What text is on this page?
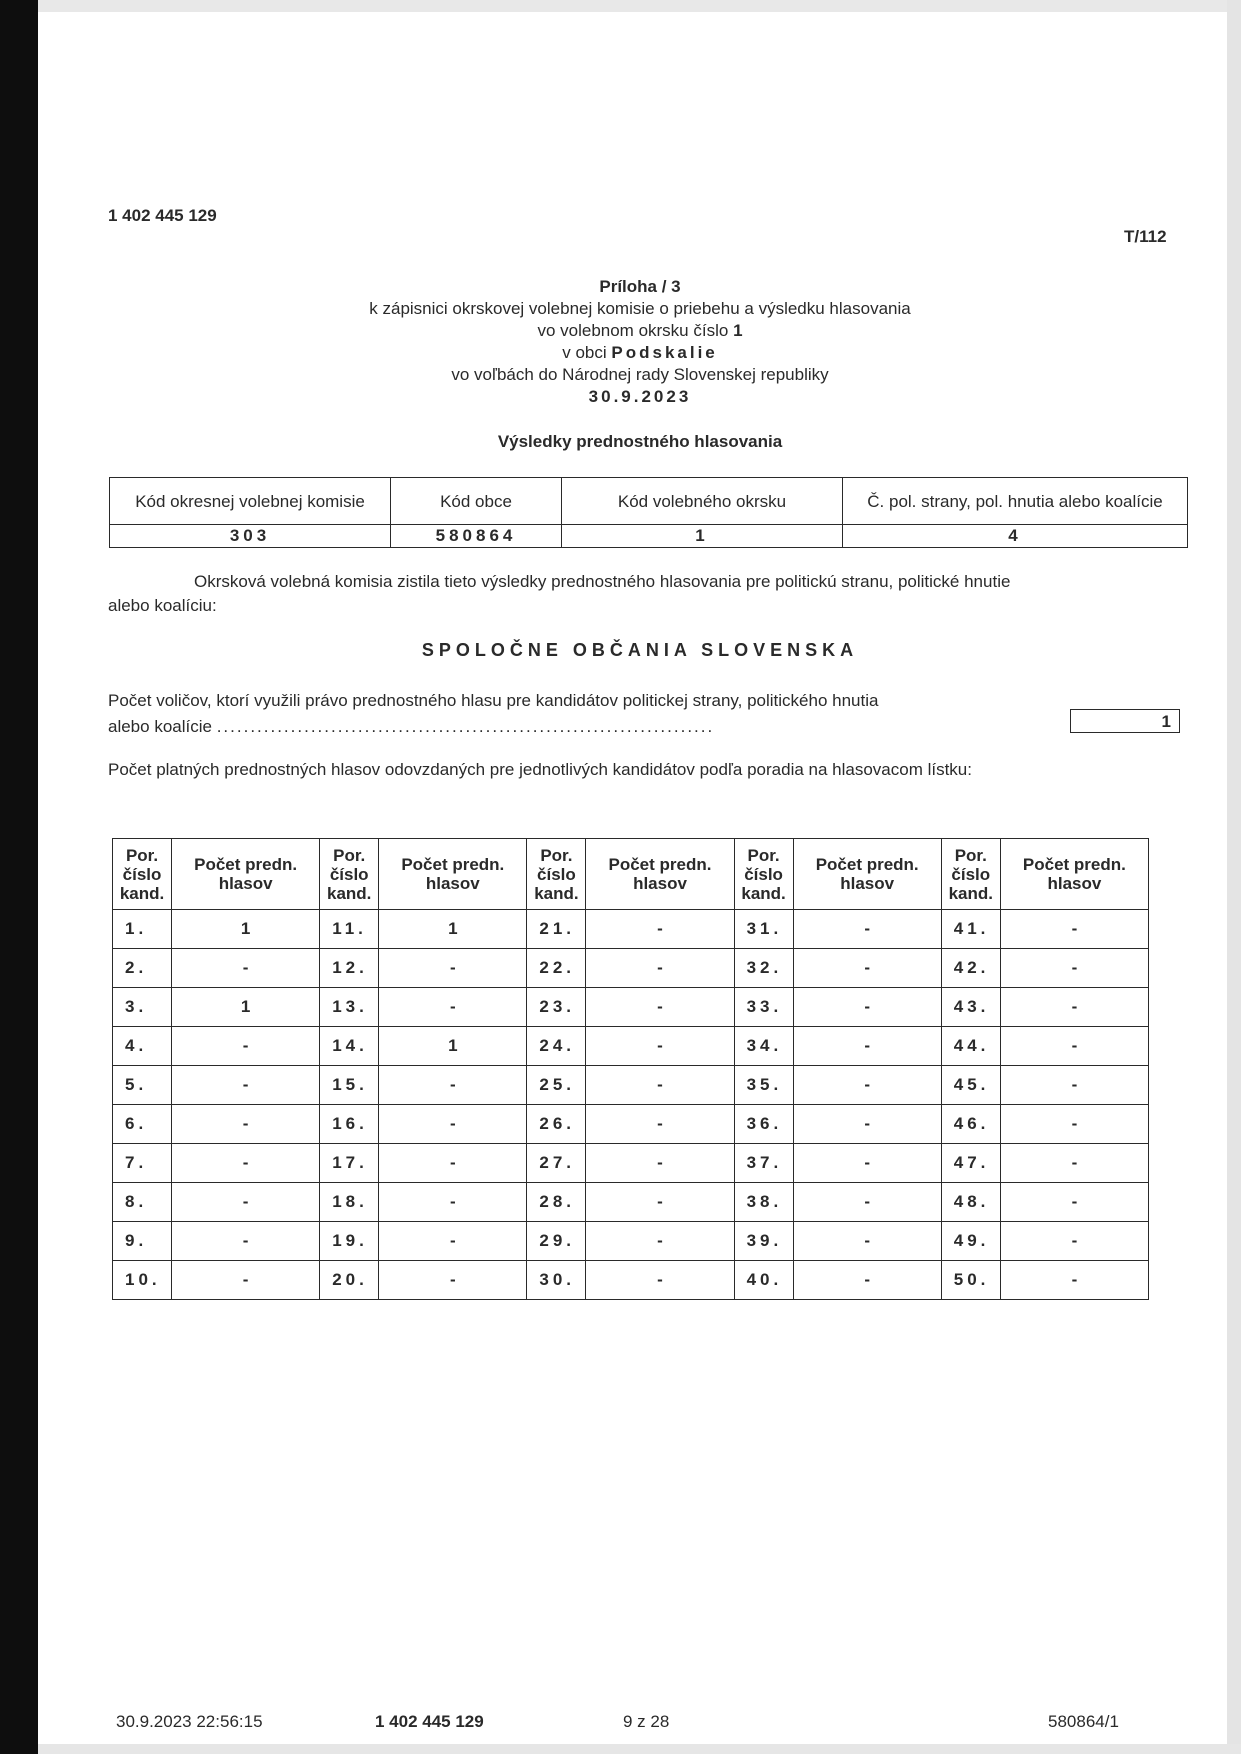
1 402 445 129
T/112
Príloha / 3
k zápisnici okrskovej volebnej komisie o priebehu a výsledku hlasovania
vo volebnom okrsku číslo 1
v obci Podskalie
vo voľbách do Národnej rady Slovenskej republiky
30.9.2023
Výsledky prednostného hlasovania
Kód okresnej volebnej komisie	Kód obce	Kód volebného okrsku	Č. pol. strany, pol. hnutia alebo koalície
303	580864	1	4
Okrsková volebná komisia zistila tieto výsledky prednostného hlasovania pre politickú stranu, politické hnutie
alebo koalíciu:
SPOLOČNE OBČANIA SLOVENSKA
Počet voličov, ktorí využili právo prednostného hlasu pre kandidátov politickej strany, politického hnutia
alebo koalície ..........................................................................	1
Počet platných prednostných hlasov odovzdaných pre jednotlivých kandidátov podľa poradia na hlasovacom lístku:
Por. číslo kand.	Počet predn. hlasov	Por. číslo kand.	Počet predn. hlasov	Por. číslo kand.	Počet predn. hlasov	Por. číslo kand.	Počet predn. hlasov	Por. číslo kand.	Počet predn. hlasov
1.	1	11.	1	21.	-	31.	-	41.	-
2.	-	12.	-	22.	-	32.	-	42.	-
3.	1	13.	-	23.	-	33.	-	43.	-
4.	-	14.	1	24.	-	34.	-	44.	-
5.	-	15.	-	25.	-	35.	-	45.	-
6.	-	16.	-	26.	-	36.	-	46.	-
7.	-	17.	-	27.	-	37.	-	47.	-
8.	-	18.	-	28.	-	38.	-	48.	-
9.	-	19.	-	29.	-	39.	-	49.	-
10.	-	20.	-	30.	-	40.	-	50.	-
30.9.2023 22:56:15	1 402 445 129	9 z 28	580864/1
